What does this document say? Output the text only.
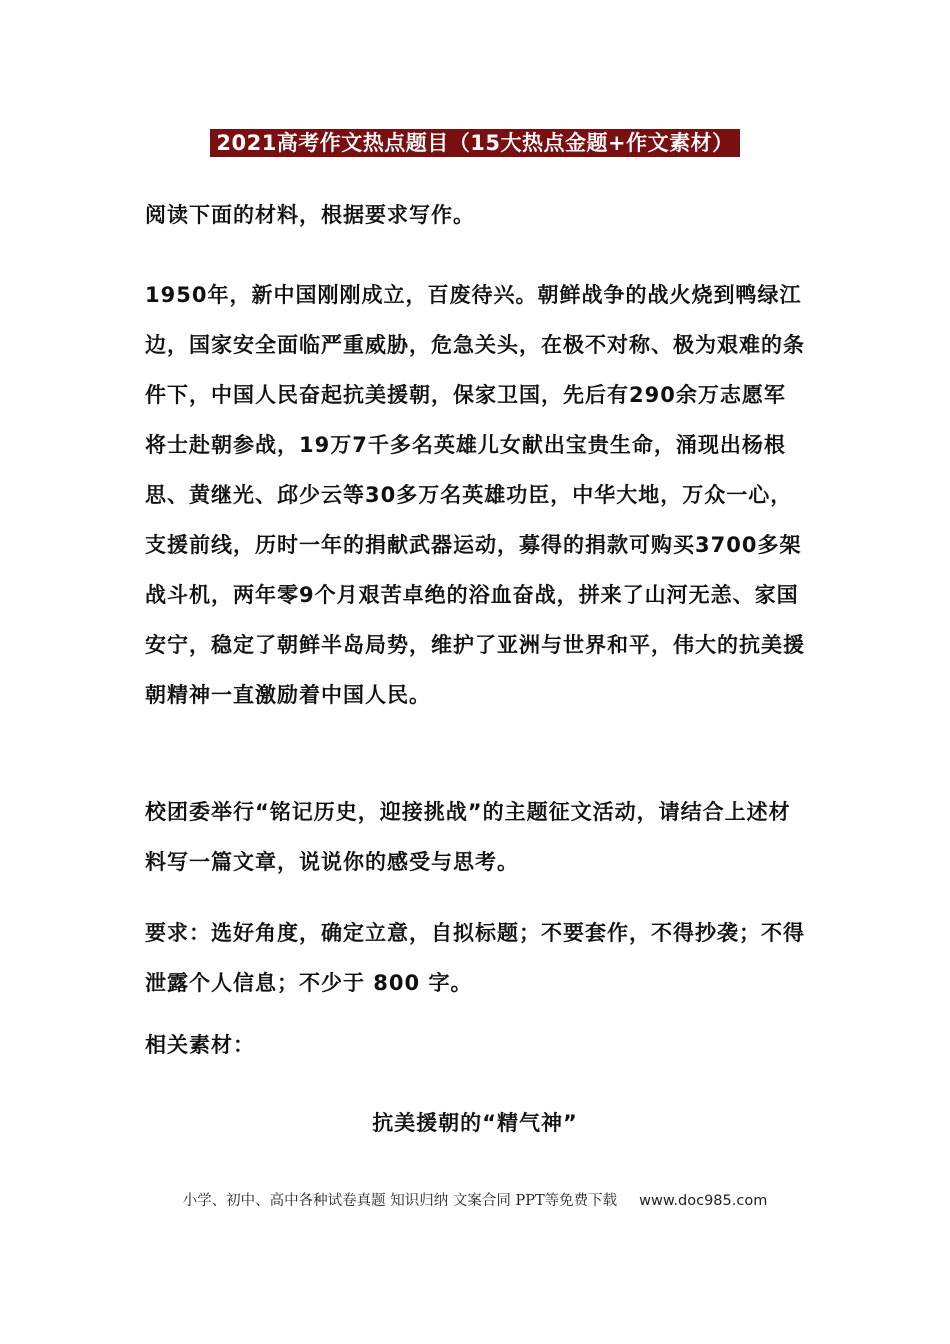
2021高考作文热点题目（15大热点金题+作文素材）
阅读下面的材料，根据要求写作。
1950年，新中国刚刚成立，百废待兴。朝鲜战争的战火烧到鸭绿江边，国家安全面临严重威胁，危急关头，在极不对称、极为艰难的条件下，中国人民奋起抗美援朝，保家卫国，先后有290余万志愿军将士赴朝参战，19万7千多名英雄儿女献出宝贵生命，涌现出杨根思、黄继光、邱少云等30多万名英雄功臣，中华大地，万众一心，支援前线，历时一年的捐献武器运动，募得的捐款可购买3700多架战斗机，两年零9个月艰苦卓绝的浴血奋战，拼来了山河无恙、家国安宁，稳定了朝鲜半岛局势，维护了亚洲与世界和平，伟大的抗美援朝精神一直激励着中国人民。
校团委举行“铭记历史，迎接挑战”的主题征文活动，请结合上述材料写一篇文章，说说你的感受与思考。
要求：选好角度，确定立意，自拟标题；不要套作，不得抄袭；不得泄露个人信息；不少于 800 字。
相关素材：
抗美援朝的“精气神”
小学、初中、高中各种试卷真题 知识归纳 文案合同 PPT等免费下载 www.doc985.com
